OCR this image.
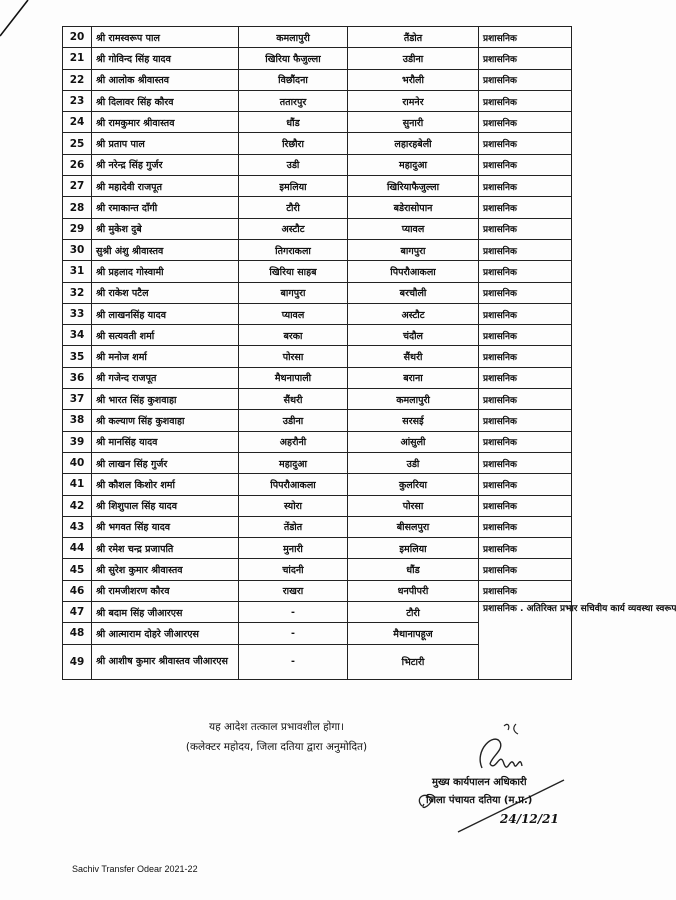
20	श्री रामस्वरूप पाल	कमलापुरी	तैंडोत	प्रशासनिक
21	श्री गोविन्द सिंह यादव	खिरिया फैजुल्ला	उडीना	प्रशासनिक
22	श्री आलोक श्रीवास्तव	विछौंदना	भरौली	प्रशासनिक
23	श्री दिलावर सिंह कौरव	ततारपुर	रामनेर	प्रशासनिक
24	श्री रामकुमार श्रीवास्तव	धौंड	सुनारी	प्रशासनिक
25	श्री प्रताप पाल	रिछौरा	लहारहबेली	प्रशासनिक
26	श्री नरेन्द्र सिंह गुर्जर	उडी	महादुआ	प्रशासनिक
27	श्री महादेवी राजपूत	इमलिया	खिरियाफैजुल्ला	प्रशासनिक
28	श्री रमाकान्त दाँगी	टौरी	बडेरासोपान	प्रशासनिक
29	श्री मुकेश दुबे	अस्टौट	प्यावल	प्रशासनिक
30	सुश्री अंशु श्रीवास्तव	तिगराकला	बागपुरा	प्रशासनिक
31	श्री प्रहलाद गोस्वामी	खिरिया साहब	पिपरौआकला	प्रशासनिक
32	श्री राकेश पटैल	बागपुरा	बरचौली	प्रशासनिक
33	श्री लाखनसिंह यादव	प्यावल	अस्टौट	प्रशासनिक
34	श्री सत्यवती शर्मा	बरका	चंदौल	प्रशासनिक
35	श्री मनोज शर्मा	पोरसा	सैंथरी	प्रशासनिक
36	श्री गजेन्द राजपूत	मैथनापाली	बराना	प्रशासनिक
37	श्री भारत सिंह कुशवाहा	सैंथरी	कमलापुरी	प्रशासनिक
38	श्री कल्याण सिंह कुशवाहा	उडीना	सरसई	प्रशासनिक
39	श्री मानसिंह यादव	अहरौनी	आंसुली	प्रशासनिक
40	श्री लाखन सिंह गुर्जर	महादुआ	उडी	प्रशासनिक
41	श्री कौशल किशोर शर्मा	पिपरौआकला	कुलरिया	प्रशासनिक
42	श्री शिशुपाल सिंह यादव	स्योरा	पोरसा	प्रशासनिक
43	श्री भगवत सिंह यादव	तेंडोत	बीसलपुरा	प्रशासनिक
44	श्री रमेश चन्द्र प्रजापति	मुनारी	इमलिया	प्रशासनिक
45	श्री सुरेश कुमार श्रीवास्तव	चांदनी	धौंड	प्रशासनिक
46	श्री रामजीशरण कौरव	राखरा	धनपीपरी	प्रशासनिक
47	श्री बदाम सिंह जीआरएस	-	टौरी	प्रशासनिक . अतिरिक्त प्रभार सचिवीय कार्य व्यवस्था स्वरूप
48	श्री आत्माराम दोहरे जीआरएस	-	मैथानापहूज
49	श्री आशीष कुमार श्रीवास्तव जीआरएस	-	भिटारी
यह आदेश तत्काल प्रभावशील होगा।
(कलेक्टर महोदय, जिला दतिया द्वारा अनुमोदित)
मुख्य कार्यपालन अधिकारी
जिला पंचायत दतिया (म.प्र.)
24/12/21
Sachiv Transfer Odear 2021-22
